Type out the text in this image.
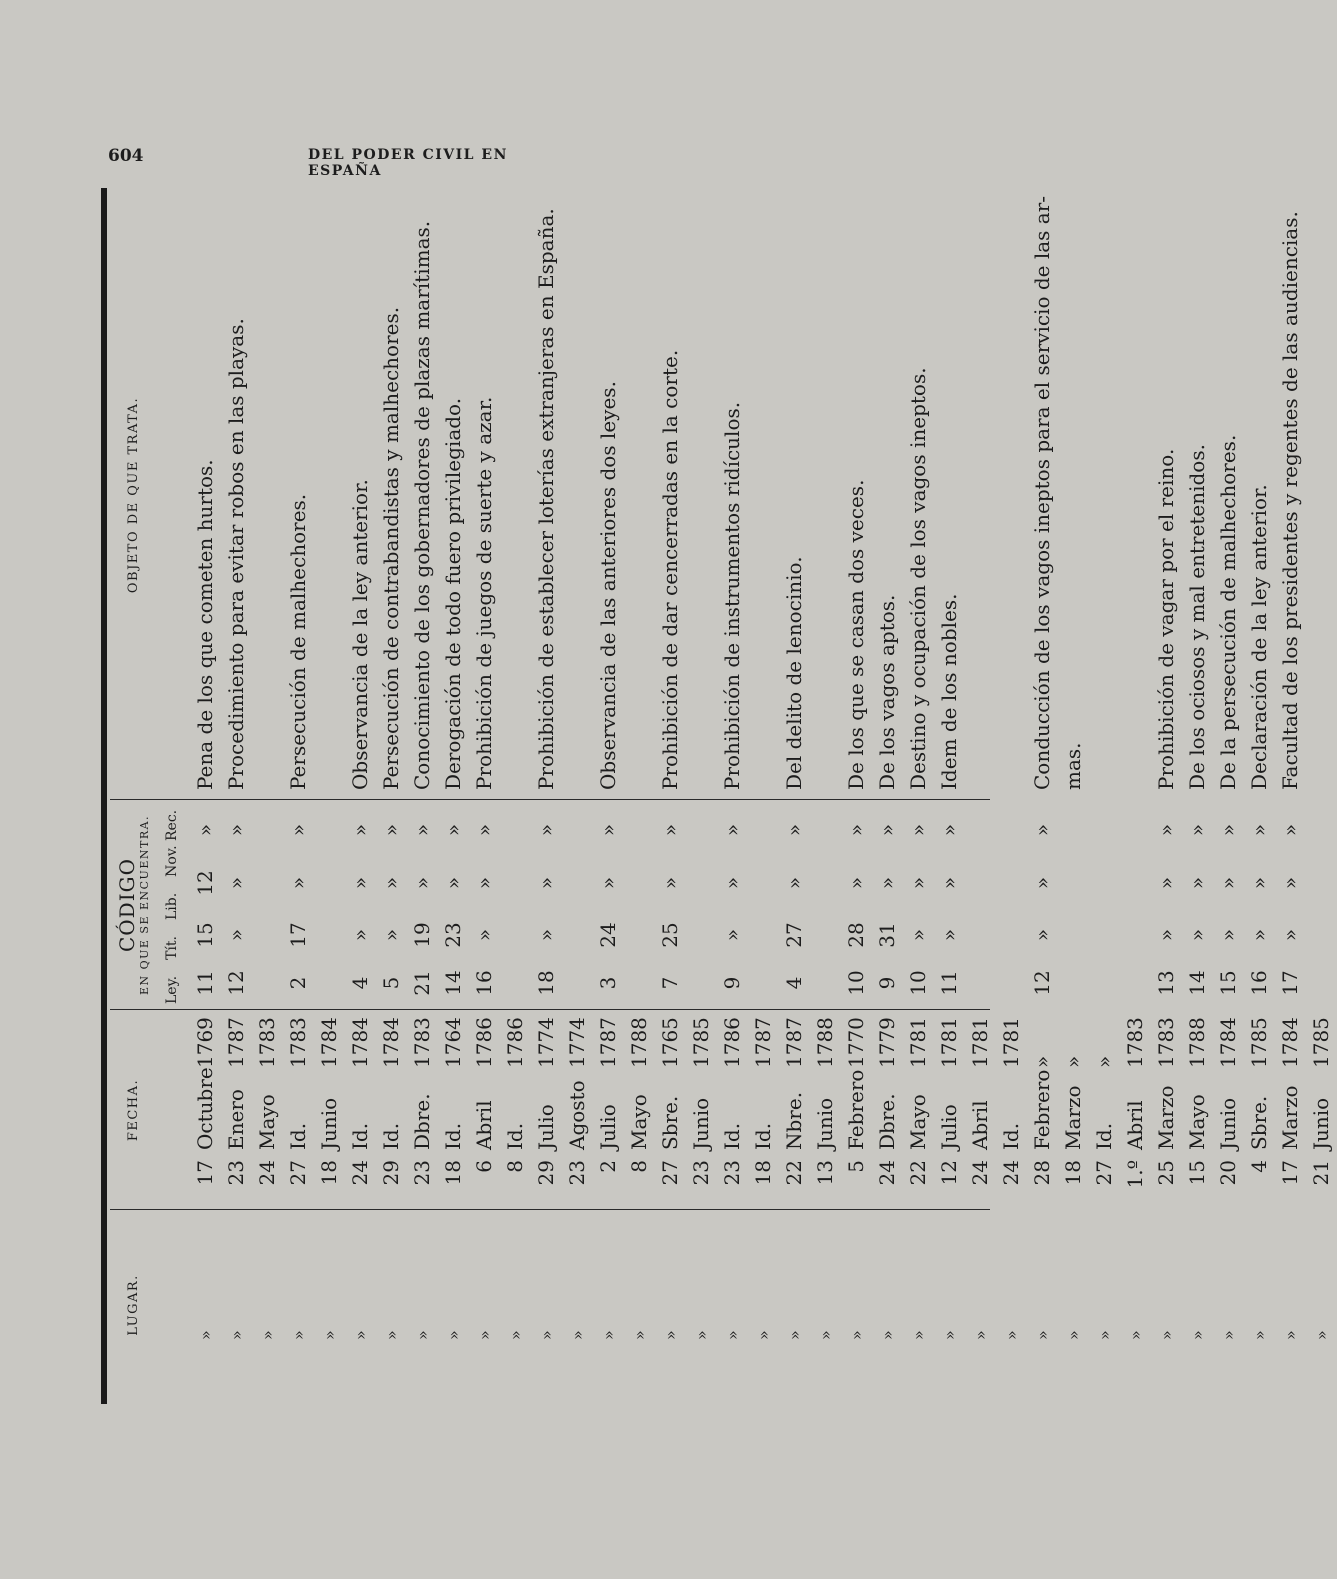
604	DEL PODER CIVIL EN ESPAÑA
LUGAR.
FECHA.
CÓDIGO EN QUE SE ENCUENTRA. Ley.
Tít.
Lib.
Nov. Rec.
OBJETO DE QUE TRATA.
»
17
Octubre
1769
11
15
12
»
Pena de los que cometen hurtos.
»
23
Enero
1787
12
»
»
»
Procedimiento para evitar robos en las playas.
»
24
Mayo
1783
»
27
Id.
1783
2
17
»
»
Persecución de malhechores.
»
18
Junio
1784
»
24
Id.
1784
4
»
»
»
Observancia de la ley anterior.
»
29
Id.
1784
5
»
»
»
Persecución de contrabandistas y malhechores.
»
23
Dbre.
1783
21
19
»
»
Conocimiento de los gobernadores de plazas marítimas.
»
18
Id.
1764
14
23
»
»
Derogación de todo fuero privilegiado.
»
6
Abril
1786
16
»
»
»
Prohibición de juegos de suerte y azar.
»
8
Id.
1786
»
29
Julio
1774
18
»
»
»
Prohibición de establecer loterías extranjeras en España.
»
23
Agosto
1774
»
2
Julio
1787
3
24
»
»
Observancia de las anteriores dos leyes.
»
8
Mayo
1788
»
27
Sbre.
1765
7
25
»
»
Prohibición de dar cencerradas en la corte.
»
23
Junio
1785
»
23
Id.
1786
9
»
»
»
Prohibición de instrumentos ridículos.
»
18
Id.
1787
»
22
Nbre.
1787
4
27
»
»
Del delito de lenocinio.
»
13
Junio
1788
»
5
Febrero
1770
10
28
»
»
De los que se casan dos veces.
»
24
Dbre.
1779
9
31
»
»
De los vagos aptos.
»
22
Mayo
1781
10
»
»
»
Destino y ocupación de los vagos ineptos.
»
12
Julio
1781
11
»
»
»
Idem de los nobles.
»
24
Abril
1781
»
24
Id.
1781
»
28
Febrero
»
12
»
»
»
Conducción de los vagos ineptos para el servicio de las ar-
»
18
Marzo
»
mas.
»
27
Id.
»
»
1.º
Abril
1783
»
25
Marzo
1783
13
»
»
»
Prohibición de vagar por el reino.
»
15
Mayo
1788
14
»
»
»
De los ociosos y mal entretenidos.
»
20
Junio
1784
15
»
»
»
De la persecución de malhechores.
»
4
Sbre.
1785
16
»
»
»
Declaración de la ley anterior.
»
17
Marzo
1784
17
»
»
»
Facultad de los presidentes y regentes de las audiencias.
»
21
Junio
1785
